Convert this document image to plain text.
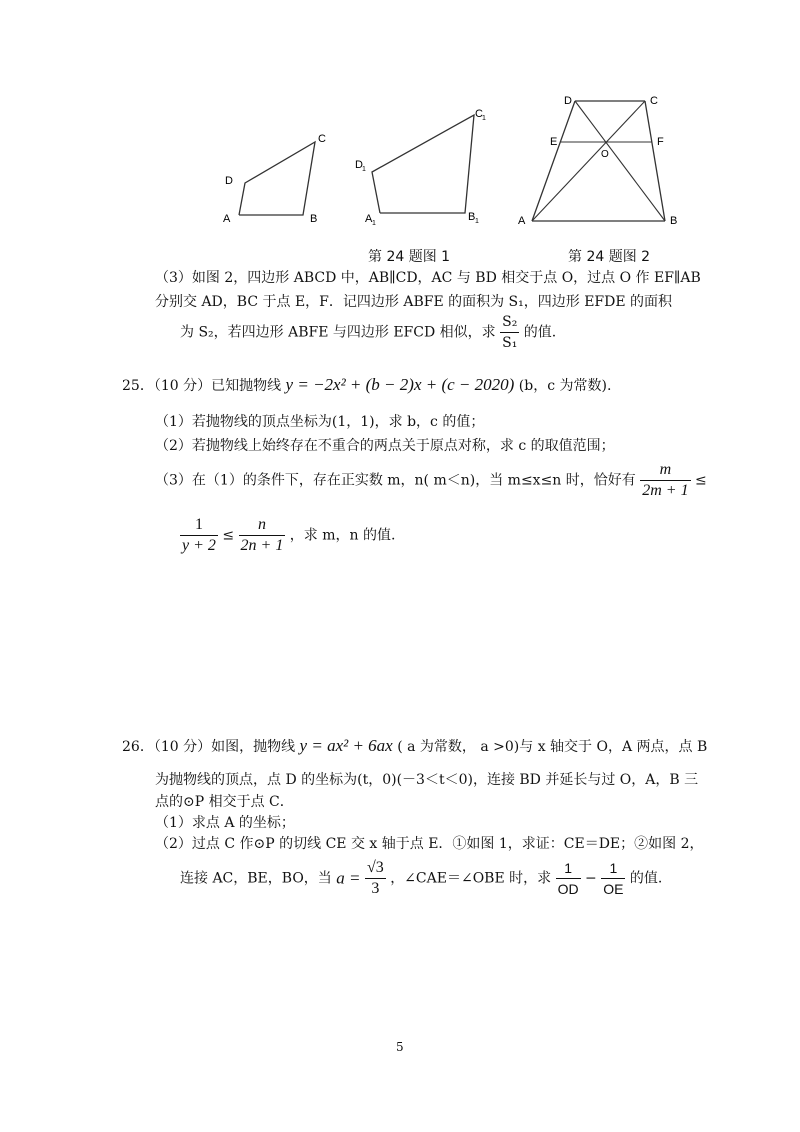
A	B
C
D
A 1
B 1
C 1
D 1
A	B
C
D
E	F
O
第 24 题图 1	第 24 题图 2
（3）如图 2，四边形 ABCD 中，AB∥CD，AC 与 BD 相交于点 O，过点 O 作 EF∥AB
分别交 AD，BC 于点 E，F．记四边形 ABFE 的面积为 S₁，四边形 EFDE 的面积
为 S₂，若四边形 ABFE 与四边形 EFCD 相似，求 $\frac{\text{S₂}}{\text{S₁}}$ 的值.
25．（10 分）已知抛物线 y = −2x² + (b − 2)x + (c − 2020) (b，c 为常数).
（1）若抛物线的顶点坐标为(1，1)，求 b，c 的值；
（2）若抛物线上始终存在不重合的两点关于原点对称，求 c 的取值范围；
（3）在（1）的条件下，存在正实数 m，n( m＜n)，当 m≤x≤n 时，恰好有 $\frac{m}{2m + 1}$ ≤
$\frac{1}{y + 2} \le \frac{n}{2n + 1}$ ，求 m，n 的值.
26．（10 分）如图，抛物线 y = ax² + 6ax ( a 为常数， a >0)与 x 轴交于 O，A 两点，点 B
为抛物线的顶点，点 D 的坐标为(t，0)(－3＜t＜0)，连接 BD 并延长与过 O，A，B 三
点的⊙P 相交于点 C．
（1）求点 A 的坐标；
（2）过点 C 作⊙P 的切线 CE 交 x 轴于点 E．①如图 1，求证：CE＝DE；②如图 2，
连接 AC，BE，BO，当 $a = \frac{√3}{3}$ ，∠CAE＝∠OBE 时，求 $\frac{1}{OD} - \frac{1}{OE}$ 的值.
5
